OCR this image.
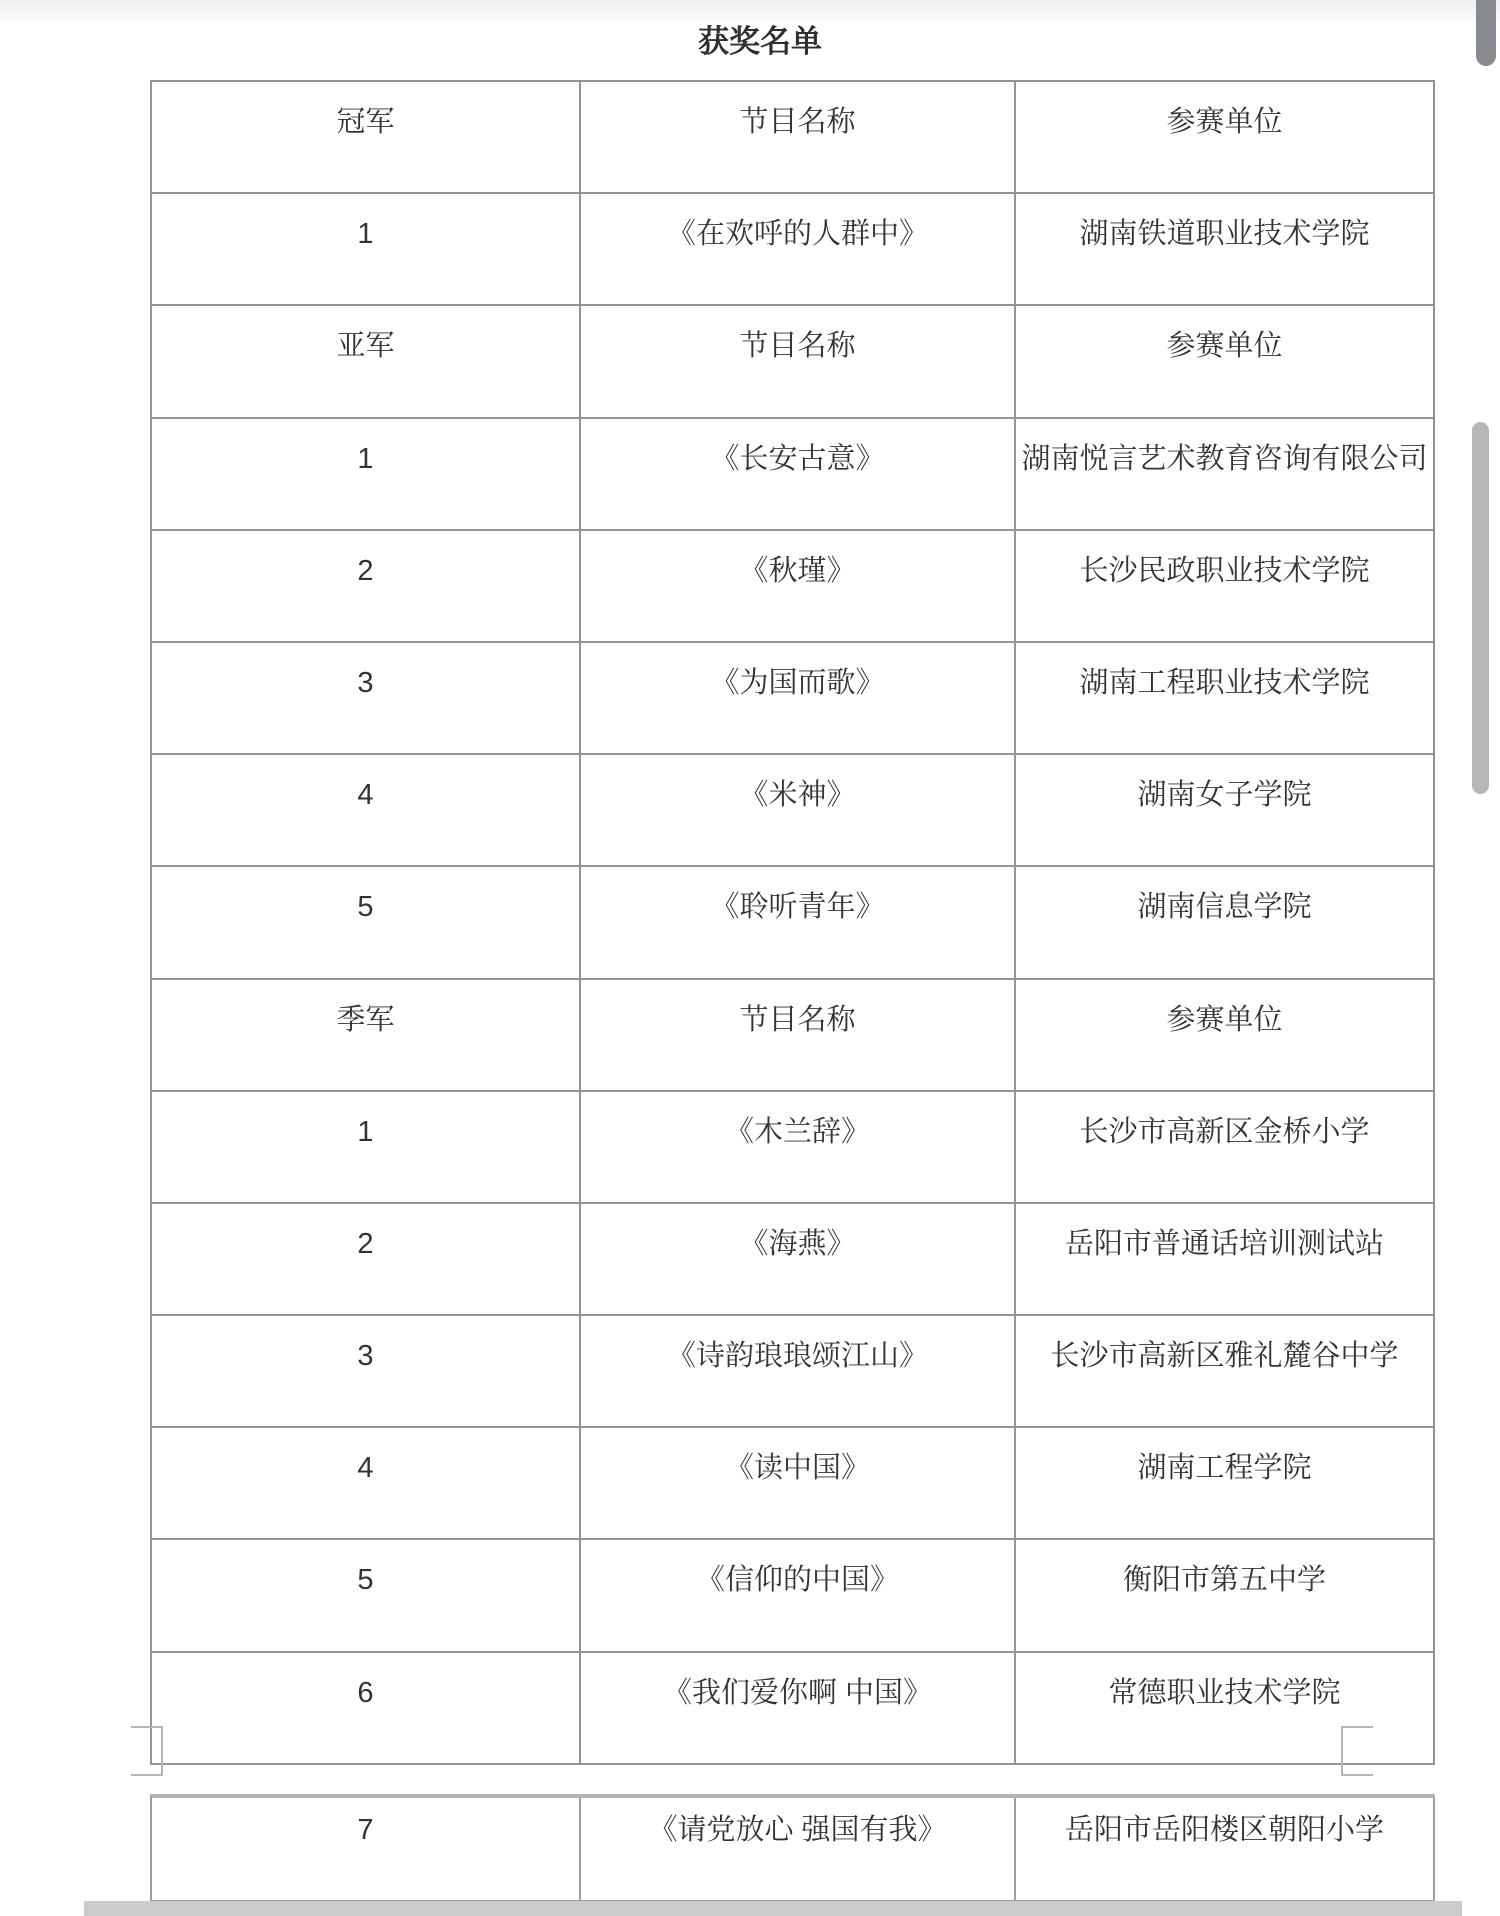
获奖名单
冠军	节目名称	参赛单位
1	《在欢呼的人群中》	湖南铁道职业技术学院
亚军	节目名称	参赛单位
1	《长安古意》	湖南悦言艺术教育咨询有限公司
2	《秋瑾》	长沙民政职业技术学院
3	《为国而歌》	湖南工程职业技术学院
4	《米神》	湖南女子学院
5	《聆听青年》	湖南信息学院
季军	节目名称	参赛单位
1	《木兰辞》	长沙市高新区金桥小学
2	《海燕》	岳阳市普通话培训测试站
3	《诗韵琅琅颂江山》	长沙市高新区雅礼麓谷中学
4	《读中国》	湖南工程学院
5	《信仰的中国》	衡阳市第五中学
6	《我们爱你啊 中国》	常德职业技术学院
7	《请党放心 强国有我》	岳阳市岳阳楼区朝阳小学
